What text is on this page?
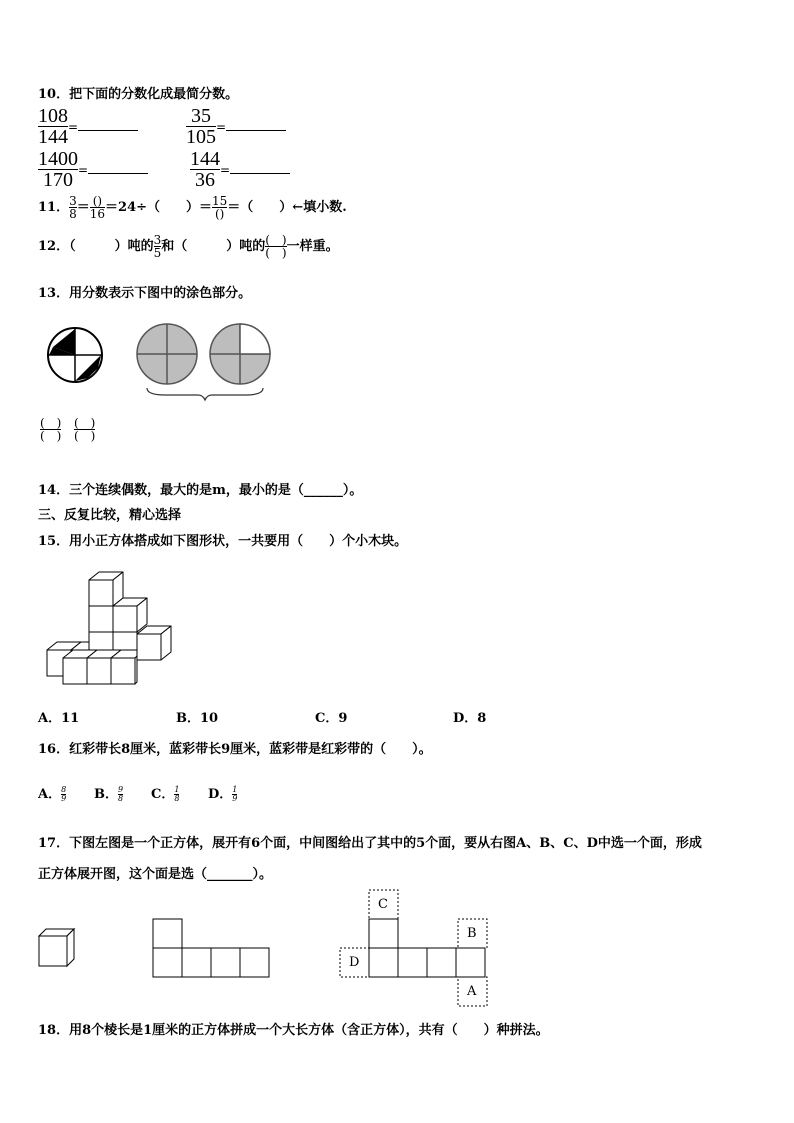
10．把下面的分数化成最简分数。
$\frac{108}{144}$ =	$\frac{35}{105}$ =
$\frac{1400}{170}$ =	$\frac{144}{36}$ =
11． $\frac{3}{8} = \frac{()}{16} =24\div$（　　）＝ $\frac{15}{()}$ ＝（　　）←填小数.
12．（　　　）吨的 $\frac{3}{5}$ 和（　　　）吨的 $\frac{( )}{( )}$ 一样重。
13．用分数表示下图中的涂色部分。
$\frac{( )}{( )} \frac{( )}{( )}$
14．三个连续偶数，最大的是m，最小的是（______）。
三、反复比较，精心选择
15．用小正方体搭成如下图形状，一共要用（　　）个小木块。
A．11	B．10	C．9	D．8
16．红彩带长8厘米，蓝彩带长9厘米，蓝彩带是红彩带的（　　）。
A． $\frac{8}{9}$ B． $\frac{9}{8}$ C． $\frac{1}{8}$ D． $\frac{1}{9}$
17．下图左图是一个正方体，展开有6个面，中间图给出了其中的5个面，要从右图A、B、C、D中选一个面，形成
正方体展开图，这个面是选（_______）。
C
B
A
D
18．用8个棱长是1厘米的正方体拼成一个大长方体（含正方体），共有（　　）种拼法。
